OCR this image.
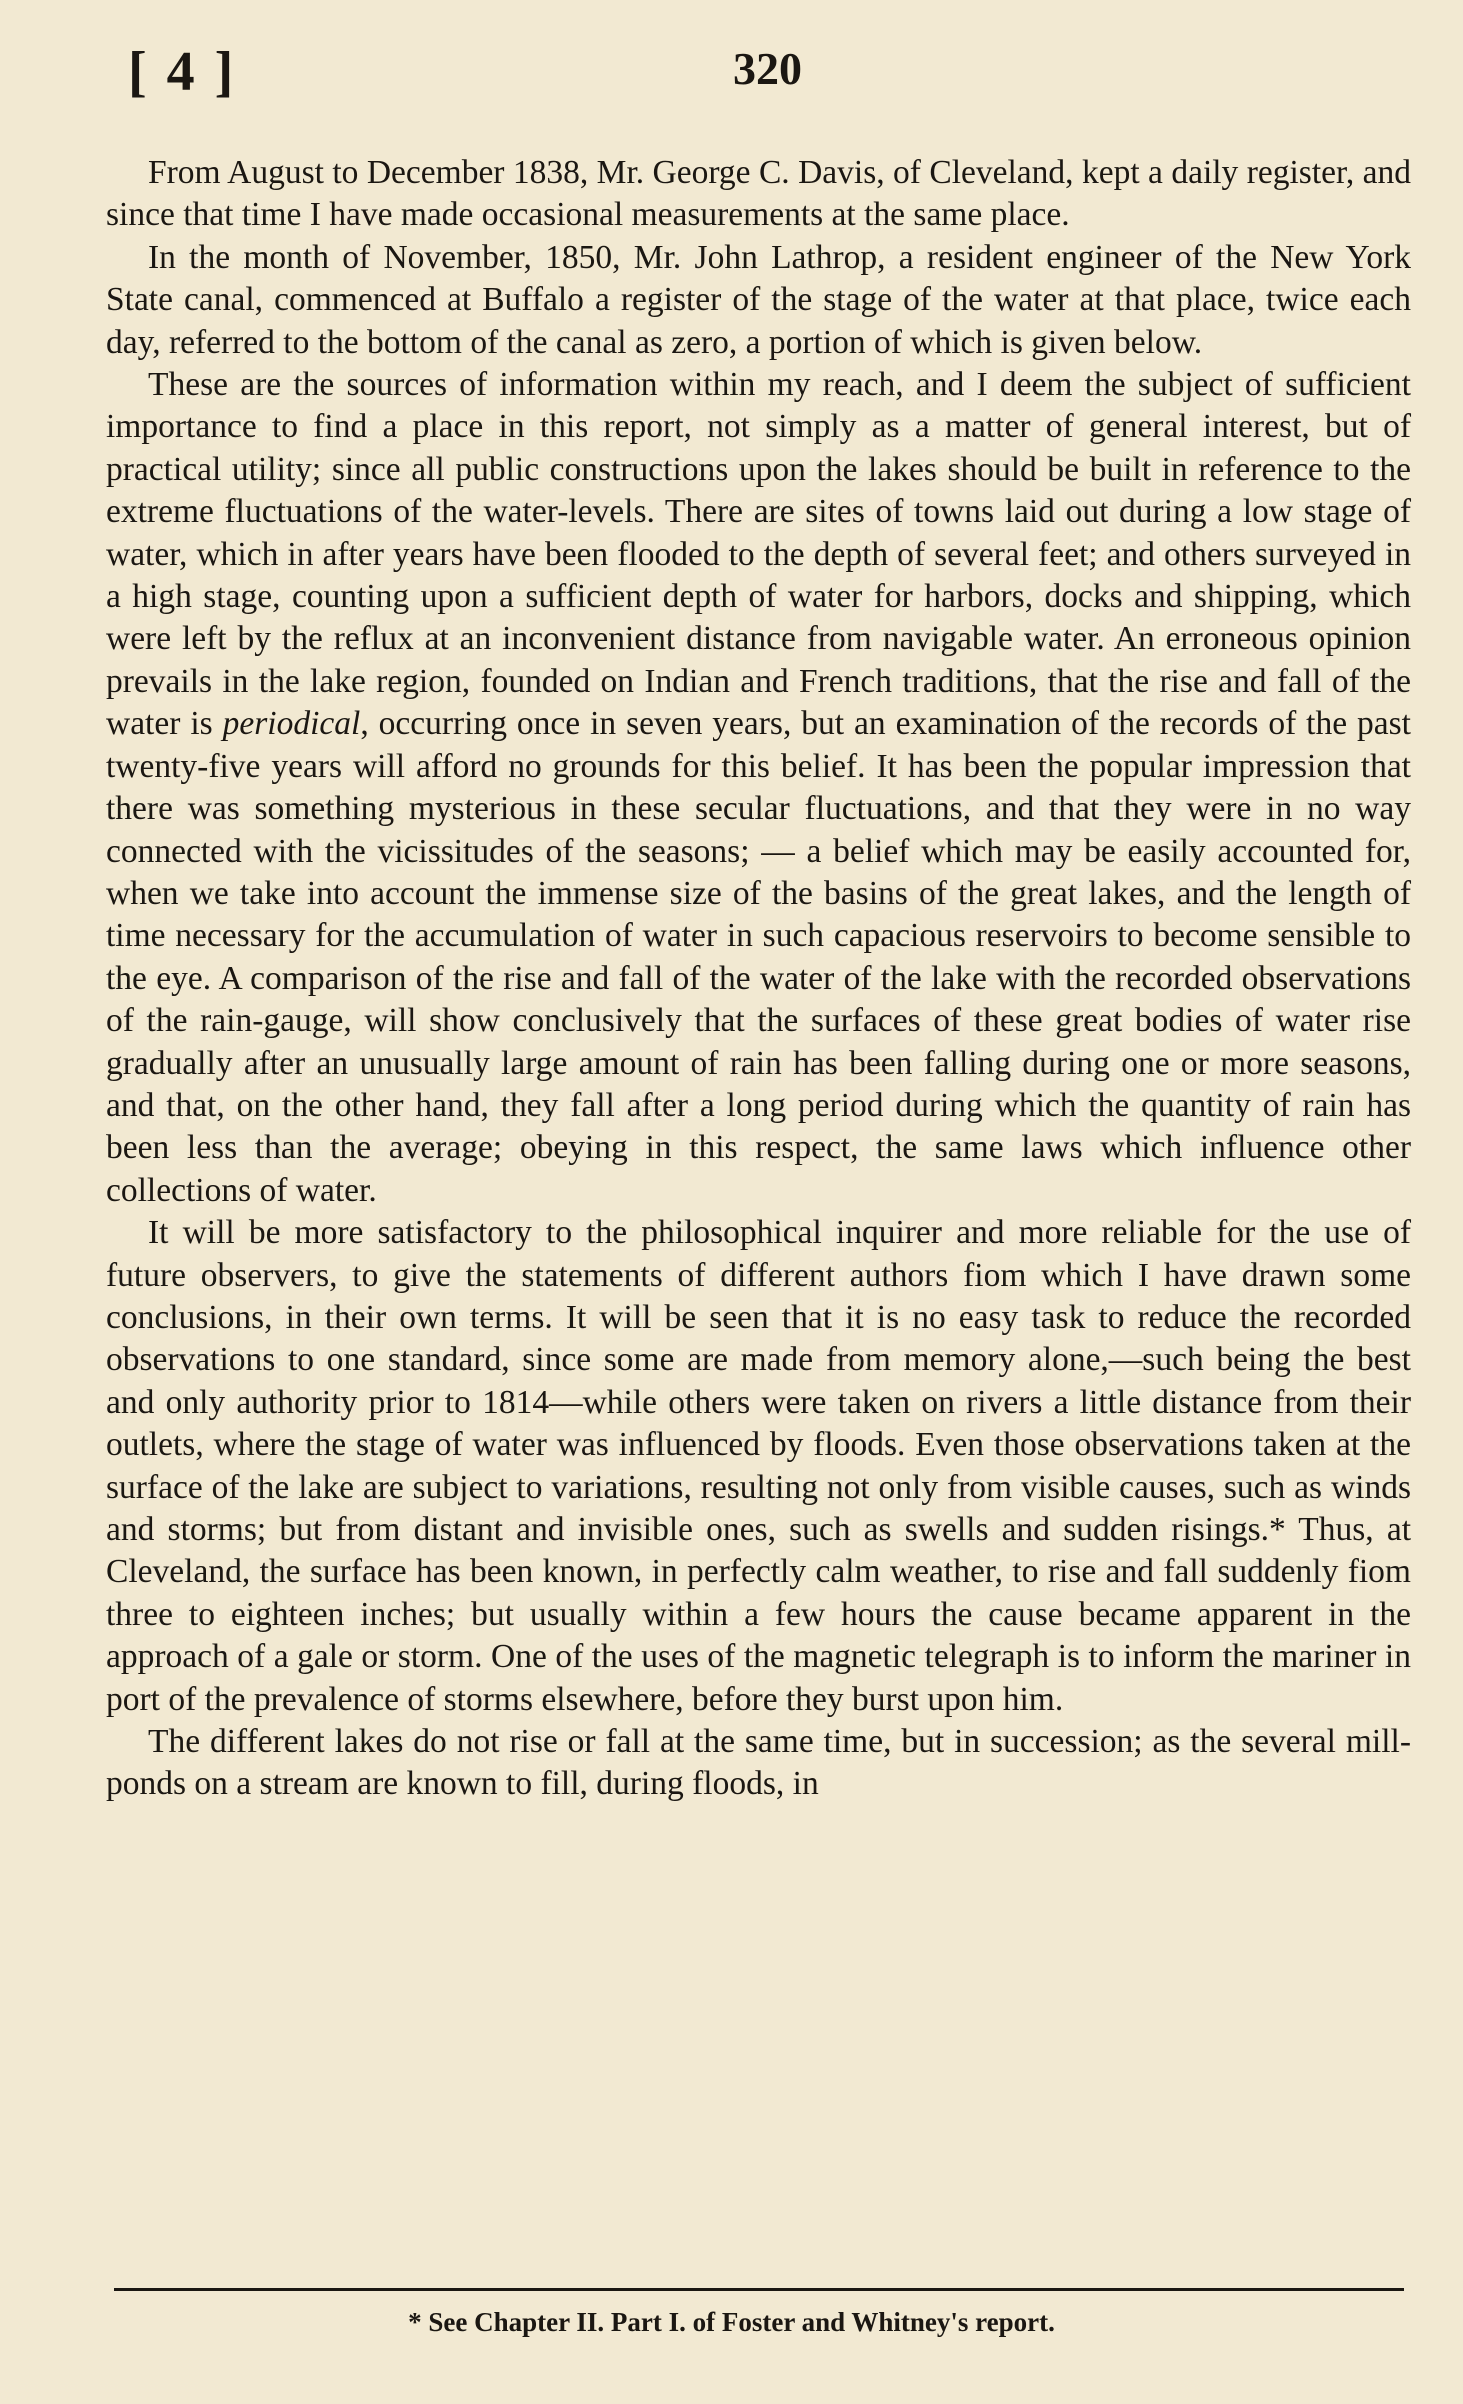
[ 4 ]	320

From August to December 1838, Mr. George C. Davis, of Cleveland, kept a daily register, and since that time I have made occasional measurements at the same place.

In the month of November, 1850, Mr. John Lathrop, a resident engineer of the New York State canal, commenced at Buffalo a register of the stage of the water at that place, twice each day, referred to the bottom of the canal as zero, a portion of which is given below.

These are the sources of information within my reach, and I deem the subject of sufficient importance to find a place in this report, not simply as a matter of general interest, but of practical utility; since all public constructions upon the lakes should be built in reference to the extreme fluctuations of the water-levels. There are sites of towns laid out during a low stage of water, which in after years have been flooded to the depth of several feet; and others surveyed in a high stage, counting upon a sufficient depth of water for harbors, docks and shipping, which were left by the reflux at an inconvenient distance from navigable water. An erroneous opinion prevails in the lake region, founded on Indian and French traditions, that the rise and fall of the water is periodical, occurring once in seven years, but an examination of the records of the past twenty-five years will afford no grounds for this belief. It has been the popular impression that there was something mysterious in these secular fluctuations, and that they were in no way connected with the vicissitudes of the seasons; — a belief which may be easily accounted for, when we take into account the immense size of the basins of the great lakes, and the length of time necessary for the accumulation of water in such capacious reservoirs to become sensible to the eye. A comparison of the rise and fall of the water of the lake with the recorded observations of the rain-gauge, will show conclusively that the surfaces of these great bodies of water rise gradually after an unusually large amount of rain has been falling during one or more seasons, and that, on the other hand, they fall after a long period during which the quantity of rain has been less than the average; obeying in this respect, the same laws which influence other collections of water.

It will be more satisfactory to the philosophical inquirer and more reliable for the use of future observers, to give the statements of different authors fiom which I have drawn some conclusions, in their own terms. It will be seen that it is no easy task to reduce the recorded observations to one standard, since some are made from memory alone,—such being the best and only authority prior to 1814—while others were taken on rivers a little distance from their outlets, where the stage of water was influenced by floods. Even those observations taken at the surface of the lake are subject to variations, resulting not only from visible causes, such as winds and storms; but from distant and invisible ones, such as swells and sudden risings.* Thus, at Cleveland, the surface has been known, in perfectly calm weather, to rise and fall suddenly fiom three to eighteen inches; but usually within a few hours the cause became apparent in the approach of a gale or storm. One of the uses of the magnetic telegraph is to inform the mariner in port of the prevalence of storms elsewhere, before they burst upon him.

The different lakes do not rise or fall at the same time, but in succession; as the several mill-ponds on a stream are known to fill, during floods, in

* See Chapter II. Part I. of Foster and Whitney's report.
